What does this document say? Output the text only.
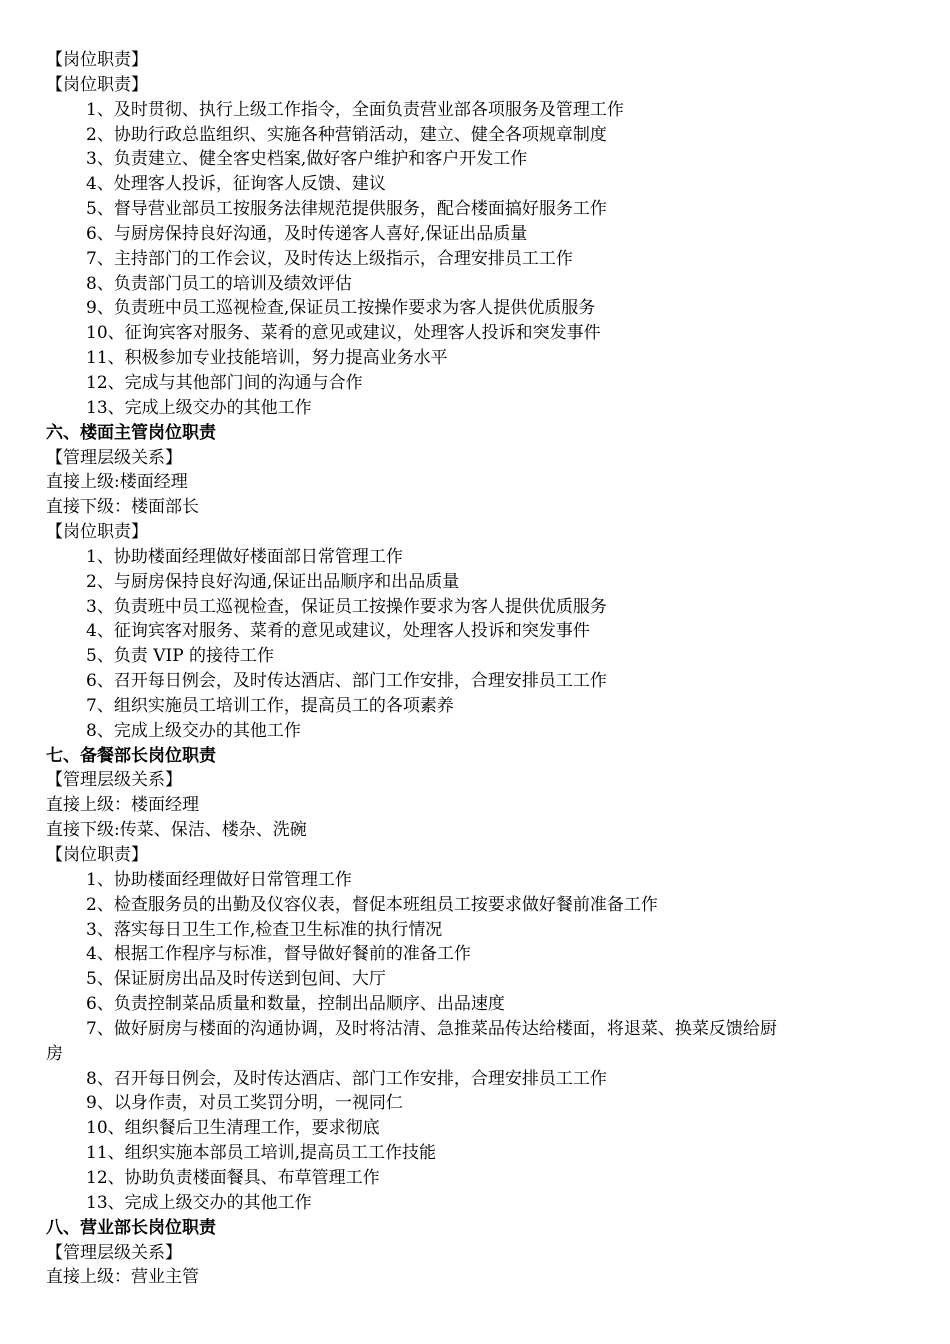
【岗位职责】
【岗位职责】
1、及时贯彻、执行上级工作指令，全面负责营业部各项服务及管理工作
2、协助行政总监组织、实施各种营销活动，建立、健全各项规章制度
3、负责建立、健全客史档案,做好客户维护和客户开发工作
4、处理客人投诉，征询客人反馈、建议
5、督导营业部员工按服务法律规范提供服务，配合楼面搞好服务工作
6、与厨房保持良好沟通，及时传递客人喜好,保证出品质量
7、主持部门的工作会议，及时传达上级指示，合理安排员工工作
8、负责部门员工的培训及绩效评估
9、负责班中员工巡视检查,保证员工按操作要求为客人提供优质服务
10、征询宾客对服务、菜肴的意见或建议，处理客人投诉和突发事件
11、积极参加专业技能培训，努力提高业务水平
12、完成与其他部门间的沟通与合作
13、完成上级交办的其他工作
六、楼面主管岗位职责
【管理层级关系】
直接上级:楼面经理
直接下级：楼面部长
【岗位职责】
1、协助楼面经理做好楼面部日常管理工作
2、与厨房保持良好沟通,保证出品顺序和出品质量
3、负责班中员工巡视检查，保证员工按操作要求为客人提供优质服务
4、征询宾客对服务、菜肴的意见或建议，处理客人投诉和突发事件
5、负责 VIP 的接待工作
6、召开每日例会，及时传达酒店、部门工作安排，合理安排员工工作
7、组织实施员工培训工作，提高员工的各项素养
8、完成上级交办的其他工作
七、备餐部长岗位职责
【管理层级关系】
直接上级：楼面经理
直接下级:传菜、保洁、楼杂、洗碗
【岗位职责】
1、协助楼面经理做好日常管理工作
2、检查服务员的出勤及仪容仪表，督促本班组员工按要求做好餐前准备工作
3、落实每日卫生工作,检查卫生标准的执行情况
4、根据工作程序与标准，督导做好餐前的准备工作
5、保证厨房出品及时传送到包间、大厅
6、负责控制菜品质量和数量，控制出品顺序、出品速度
7、做好厨房与楼面的沟通协调，及时将沽清、急推菜品传达给楼面，将退菜、换菜反馈给厨
房
8、召开每日例会，及时传达酒店、部门工作安排，合理安排员工工作
9、以身作责，对员工奖罚分明，一视同仁
10、组织餐后卫生清理工作，要求彻底
11、组织实施本部员工培训,提高员工工作技能
12、协助负责楼面餐具、布草管理工作
13、完成上级交办的其他工作
八、营业部长岗位职责
【管理层级关系】
直接上级：营业主管
